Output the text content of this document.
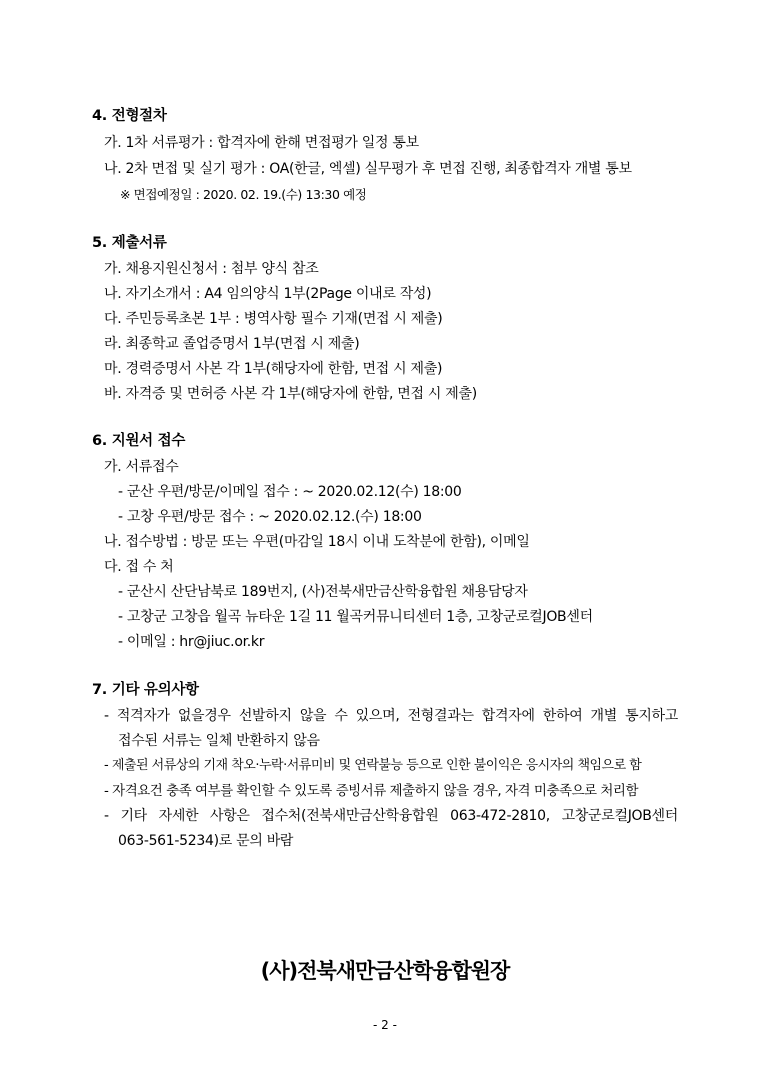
4. 전형절차
가. 1차 서류평가 : 합격자에 한해 면접평가 일정 통보
나. 2차 면접 및 실기 평가 : OA(한글, 엑셀) 실무평가 후 면접 진행, 최종합격자 개별 통보
※ 면접예정일 : 2020. 02. 19.(수) 13:30 예정
5. 제출서류
가. 채용지원신청서 : 첨부 양식 참조
나. 자기소개서 : A4 임의양식 1부(2Page 이내로 작성)
다. 주민등록초본 1부 : 병역사항 필수 기재(면접 시 제출)
라. 최종학교 졸업증명서 1부(면접 시 제출)
마. 경력증명서 사본 각 1부(해당자에 한함, 면접 시 제출)
바. 자격증 및 면허증 사본 각 1부(해당자에 한함, 면접 시 제출)
6. 지원서 접수
가. 서류접수
- 군산 우편/방문/이메일 접수 : ~ 2020.02.12(수) 18:00
- 고창 우편/방문 접수 : ~ 2020.02.12.(수) 18:00
나. 접수방법 : 방문 또는 우편(마감일 18시 이내 도착분에 한함), 이메일
다. 접 수 처
- 군산시 산단남북로 189번지, (사)전북새만금산학융합원 채용담당자
- 고창군 고창읍 월곡 뉴타운 1길 11 월곡커뮤니티센터 1층, 고창군로컬JOB센터
- 이메일 : hr@jiuc.or.kr
7. 기타 유의사항
- 적격자가 없을경우 선발하지 않을 수 있으며, 전형결과는 합격자에 한하여 개별 통지하고
접수된 서류는 일체 반환하지 않음
- 제출된 서류상의 기재 착오·누락·서류미비 및 연락불능 등으로 인한 불이익은 응시자의 책임으로 함
- 자격요건 충족 여부를 확인할 수 있도록 증빙서류 제출하지 않을 경우, 자격 미충족으로 처리함
- 기타 자세한 사항은 접수처(전북새만금산학융합원 063-472-2810, 고창군로컬JOB센터
063-561-5234)로 문의 바람
(사)전북새만금산학융합원장
- 2 -
